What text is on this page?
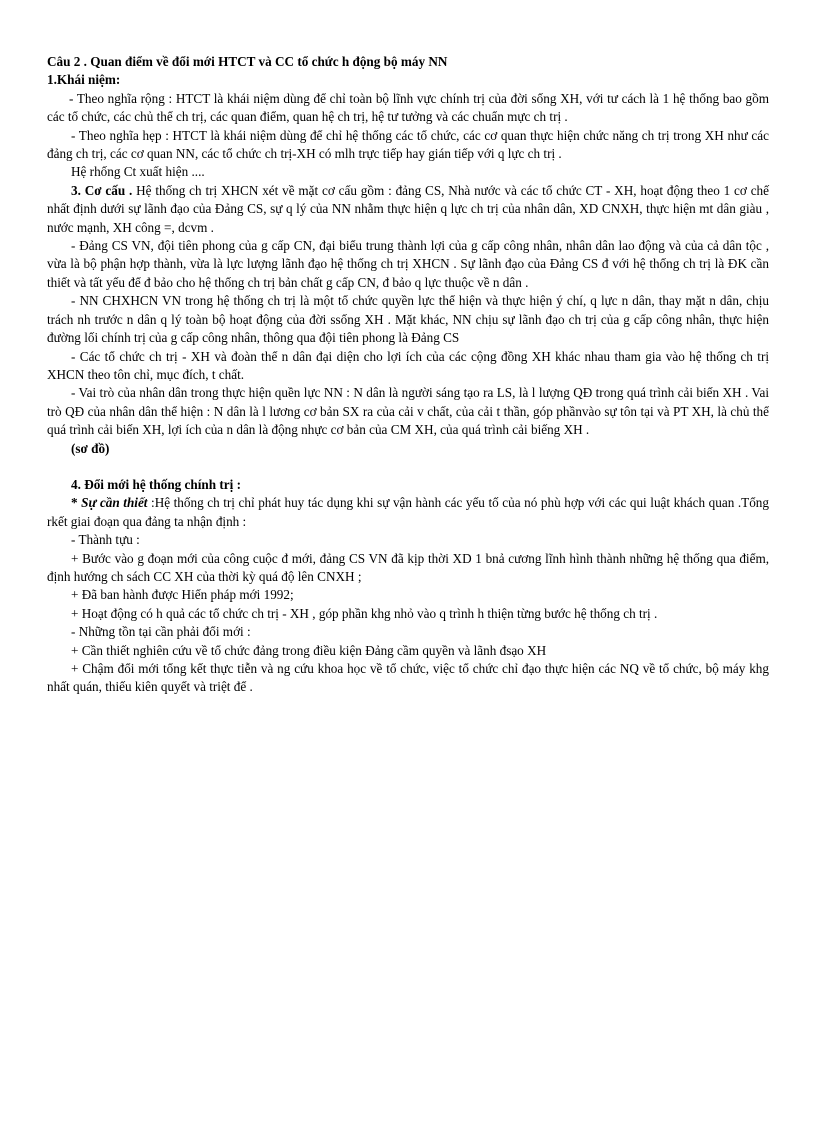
Câu 2 . Quan điểm về đổi mới HTCT và CC tổ chức h động bộ máy NN

1.Khái niệm:

- Theo nghĩa rộng : HTCT là khái niệm dùng để chỉ toàn bộ lĩnh vực chính trị của đời sống XH, với tư cách là 1 hệ thống bao gồm các tổ chức, các chủ thể ch trị, các quan điểm, quan hệ ch trị, hệ tư tưởng và các chuẩn mực ch trị .

- Theo nghĩa hẹp : HTCT là khái niệm dùng để chỉ hệ thống các tổ chức, các cơ quan thực hiện chức năng ch trị trong XH như các đảng ch trị, các cơ quan NN, các tổ chức ch trị-XH có mlh trực tiếp hay gián tiếp với q lực ch trị .

Hệ rhống Ct xuất hiện ....

3. Cơ cấu . Hệ thống ch trị XHCN xét về mặt cơ cấu gồm : đảng CS, Nhà nước và các tổ chức CT - XH, hoạt động theo 1 cơ chế nhất định dưới sự lãnh đạo của Đảng CS, sự q lý của NN nhằm thực hiện q lực ch trị của nhân dân, XD CNXH, thực hiện mt dân giàu , nước mạnh, XH công =, dcvm .

- Đảng CS VN, đội tiên phong của g cấp CN, đại biểu trung thành lợi của g cấp công nhân, nhân dân lao động và của cả dân tộc , vừa là bộ phận hợp thành, vừa là lực lượng lãnh đạo hệ thống ch trị XHCN . Sự lãnh đạo của Đảng CS đ với hệ thống ch trị là ĐK cần thiết và tất yếu để đ bảo cho hệ thống ch trị bản chất g cấp CN, đ bảo q lực thuộc về n dân .

- NN CHXHCN VN trong hệ thống ch trị là một tổ chức quyền lực thể hiện và thực hiện ý chí, q lực n dân, thay mặt n dân, chịu trách nh trước n dân q lý toàn bộ hoạt động của đời ssống XH . Mặt khác, NN chịu sự lãnh đạo ch trị của g cấp công nhân, thực hiện đường lối chính trị của g cấp công nhân, thông qua đội tiên phong là Đảng CS

- Các tổ chức ch trị - XH và đoàn thể n dân đại diện cho lợi ích của các cộng đồng XH khác nhau tham gia vào hệ thống ch trị XHCN theo tôn chỉ, mục đích, t chất.

- Vai trò của nhân dân trong thực hiện quền lực NN : N dân là người sáng tạo ra LS, là l lượng QĐ trong quá trình cải biến XH . Vai trò QĐ của nhân dân thể hiện : N dân là l lương cơ bản SX ra của cải v chất, của cải t thần, góp phầnvào sự tôn tại và PT XH, là chủ thể quá trình cải biến XH, lợi ích của n dân là động nhực cơ bản của CM XH, của quá trình cải biếng XH .

(sơ đồ)

4. Đổi mới hệ thống chính trị :

* Sự cần thiết :Hệ thống ch trị chỉ phát huy tác dụng khi sự vận hành các yếu tố của nó phù hợp với các qui luật khách quan .Tổng rkết giai đoạn qua đảng ta nhận định :

- Thành tựu :

+ Bước vào g đoạn mới của công cuộc đ mới, đảng CS VN đã kịp thời XD 1 bnả cương lĩnh hình thành những hệ thống qua điểm, định hướng ch sách CC XH của thời kỳ quá độ lên CNXH ;

+ Đã ban hành được Hiến pháp mới 1992;

+ Hoạt động có h quả các tổ chức ch trị - XH , góp phần khg nhỏ vào q trình h thiện từng bước hệ thống ch trị .

- Những tồn tại cần phải đổi mới :

+ Cần thiết nghiên cứu về tổ chức đảng trong điều kiện Đảng cầm quyền và lãnh đsạo XH

+ Chậm đổi mới tổng kết thực tiễn và ng cứu khoa học về tổ chức, việc tổ chức chỉ đạo thực hiện các NQ về tổ chức, bộ máy khg nhất quán, thiếu kiên quyết và triệt để .
